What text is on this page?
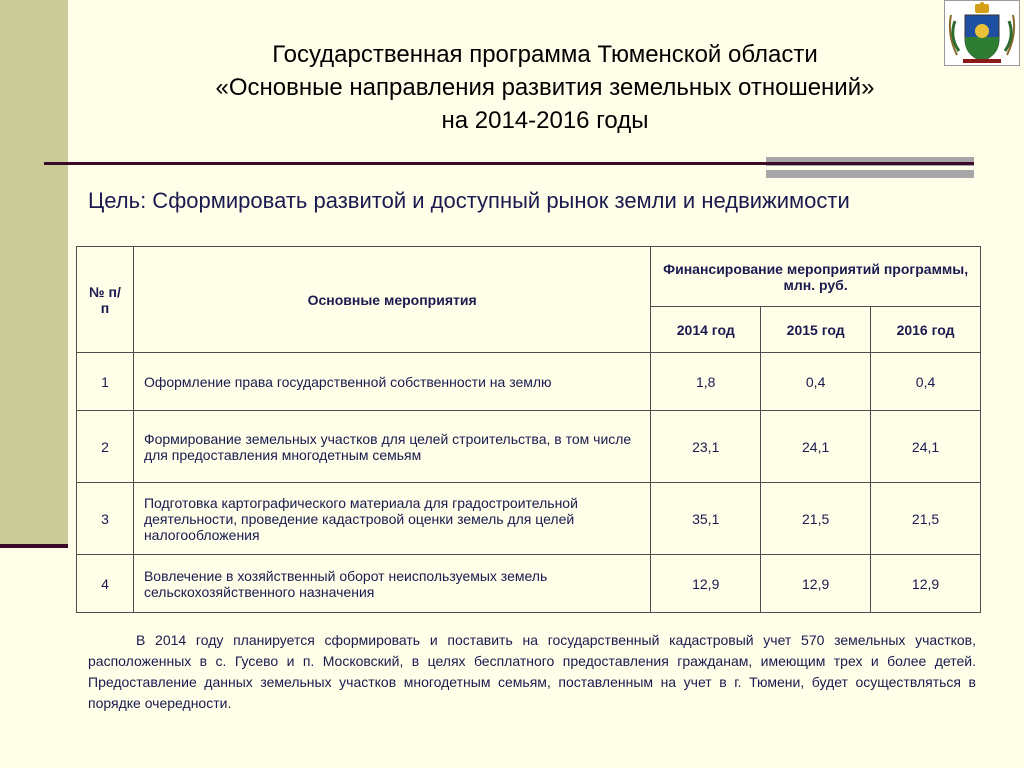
Государственная программа Тюменской области
«Основные направления развития земельных отношений»
на 2014-2016 годы
Цель: Сформировать развитой и доступный рынок земли и недвижимости
№ п/п	Основные мероприятия	Финансирование мероприятий программы, млн. руб.		
		2014 год	2015 год	2016 год
1	Оформление права государственной собственности на землю	1,8	0,4	0,4
2	Формирование земельных участков для целей строительства, в том числе для предоставления многодетным семьям	23,1	24,1	24,1
3	Подготовка картографического материала для градостроительной деятельности, проведение кадастровой оценки земель для целей налогообложения	35,1	21,5	21,5
4	Вовлечение в хозяйственный оборот неиспользуемых земель сельскохозяйственного назначения	12,9	12,9	12,9
В 2014 году планируется сформировать и поставить на государственный кадастровый учет 570 земельных участков, расположенных в с. Гусево и п. Московский, в целях бесплатного предоставления гражданам, имеющим трех и более детей. Предоставление данных земельных участков многодетным семьям, поставленным на учет в г. Тюмени, будет осуществляться в порядке очередности.
